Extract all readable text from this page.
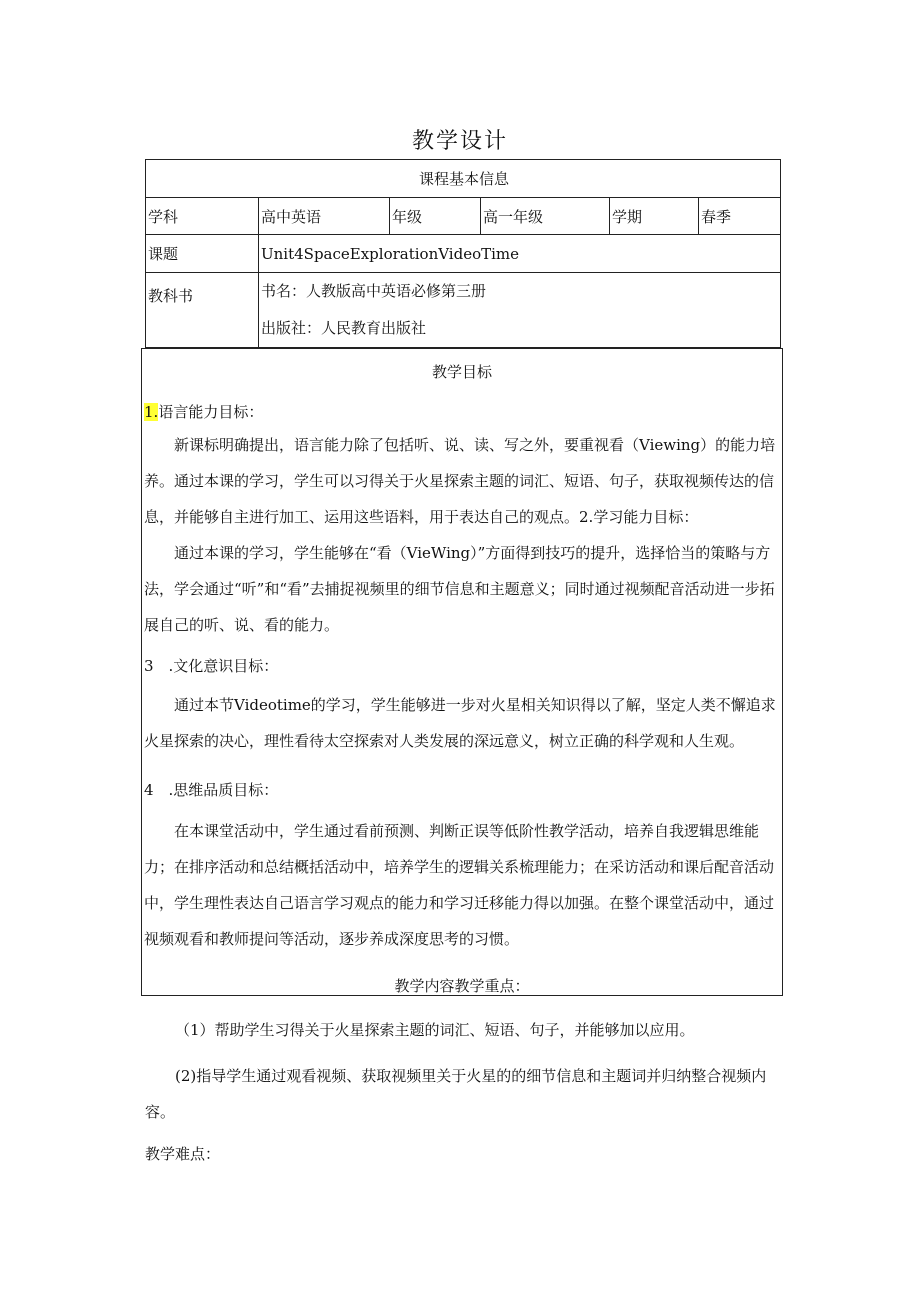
教学设计
课程基本信息					
学科	高中英语	年级	高一年级	学期	春季
课题	Unit4SpaceExplorationVideoTime				
教科书	书名：人教版高中英语必修第三册
出版社：人民教育出版社				
教学目标
1.语言能力目标：
新课标明确提出，语言能力除了包括听、说、读、写之外，要重视看（Viewing）的能力培养。通过本课的学习，学生可以习得关于火星探索主题的词汇、短语、句子，获取视频传达的信息，并能够自主进行加工、运用这些语料，用于表达自己的观点。2.学习能力目标：
通过本课的学习，学生能够在“看（VieWing）”方面得到技巧的提升，选择恰当的策略与方法，学会通过“听”和“看”去捕捉视频里的细节信息和主题意义；同时通过视频配音活动进一步拓展自己的听、说、看的能力。
3　.文化意识目标：
通过本节Videotime的学习，学生能够进一步对火星相关知识得以了解，坚定人类不懈追求火星探索的决心，理性看待太空探索对人类发展的深远意义，树立正确的科学观和人生观。
4　.思维品质目标：
在本课堂活动中，学生通过看前预测、判断正误等低阶性教学活动，培养自我逻辑思维能力；在排序活动和总结概括活动中，培养学生的逻辑关系梳理能力；在采访活动和课后配音活动中，学生理性表达自己语言学习观点的能力和学习迁移能力得以加强。在整个课堂活动中，通过视频观看和教师提问等活动，逐步养成深度思考的习惯。
教学内容教学重点：
（1）帮助学生习得关于火星探索主题的词汇、短语、句子，并能够加以应用。
(2)指导学生通过观看视频、获取视频里关于火星的的细节信息和主题词并归纳整合视频内容。
教学难点：
